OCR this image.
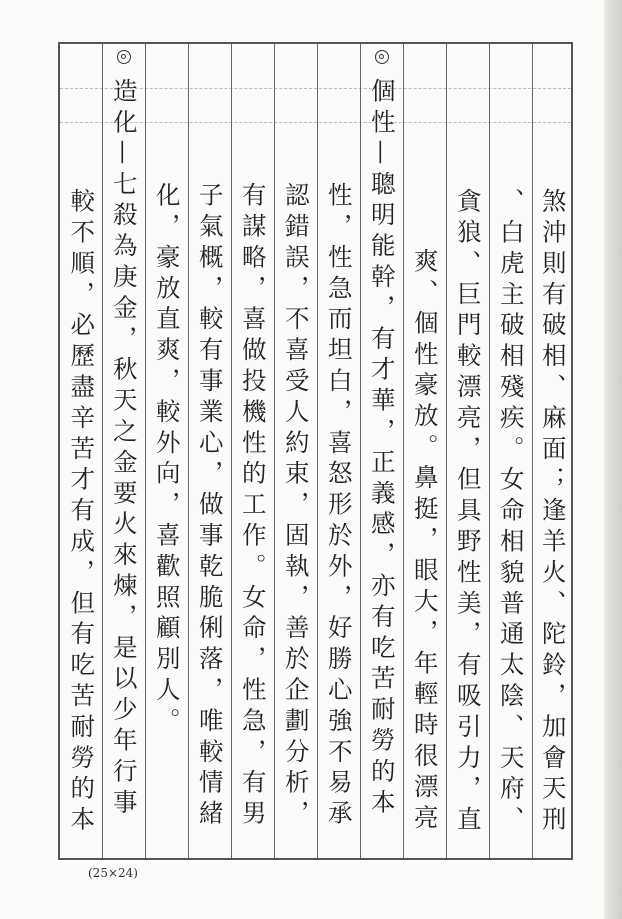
煞沖則有破相、麻面；逢羊火、陀鈴，加會天刑
、白虎主破相殘疾。女命相貌普通太陰、天府、
貪狼、巨門較漂亮，但具野性美，有吸引力，直
爽、個性豪放。鼻挺，眼大，年輕時很漂亮
個性—聰明能幹，有才華，正義感，亦有吃苦耐勞的本
性，性急而坦白，喜怒形於外，好勝心強不易承
認錯誤，不喜受人約束，固執，善於企劃分析，
有謀略，喜做投機性的工作。女命，性急，有男
子氣概，較有事業心，做事乾脆俐落，唯較情緒
化，豪放直爽，較外向，喜歡照顧別人。
造化—七殺為庚金，秋天之金要火來煉，是以少年行事
較不順，必歷盡辛苦才有成，但有吃苦耐勞的本
(25×24)
